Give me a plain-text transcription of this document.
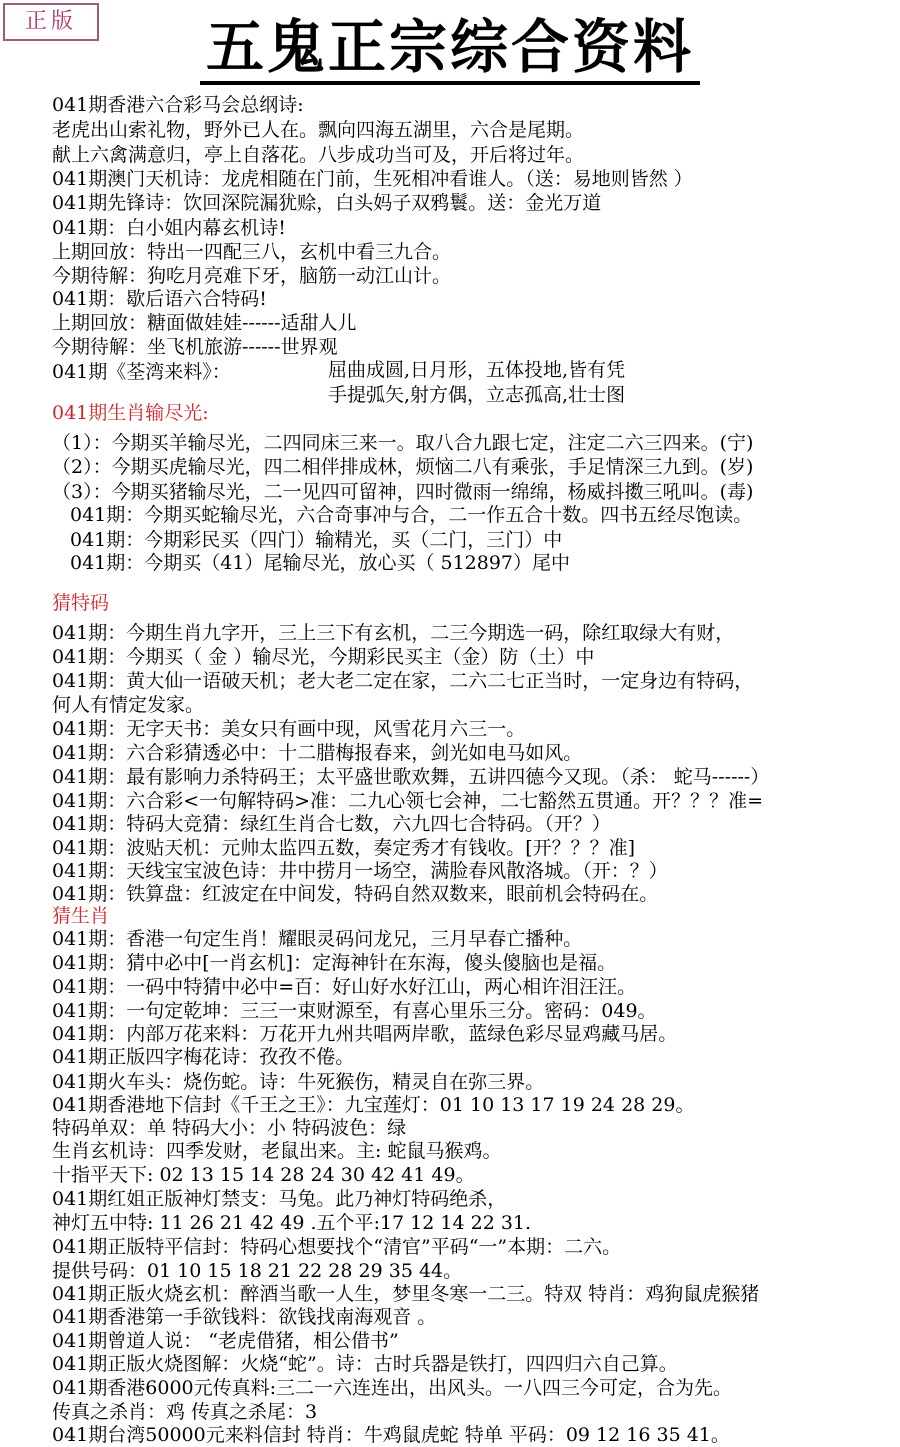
正版	五鬼正宗综合资料
041期香港六合彩马会总纲诗:
老虎出山索礼物，野外已人在。飘向四海五湖里，六合是尾期。
献上六禽满意归，亭上自落花。八步成功当可及，开后将过年。
041期澳门天机诗：龙虎相随在门前，生死相冲看谁人。（送：易地则皆然 ）
041期先锋诗：饮回深院漏犹赊，白头妈子双鸦鬟。送：金光万道
041期：白小姐内幕玄机诗!
上期回放：特出一四配三八，玄机中看三九合。
今期待解：狗吃月亮难下牙，脑筋一动江山计。
041期：歇后语六合特码!
上期回放：糖面做娃娃------适甜人儿
今期待解：坐飞机旅游------世界观
041期《荃湾来料》：	屈曲成圆,日月形，五体投地,皆有凭
手提弧矢,射方偶，立志孤高,壮士图
041期生肖输尽光:
（1）：今期买羊输尽光，二四同床三来一。取八合九跟七定，注定二六三四来。(宁)
（2）：今期买虎输尽光，四二相伴排成林，烦恼二八有乘张，手足情深三九到。(岁)
（3）：今期买猪输尽光，二一见四可留神，四时微雨一绵绵，杨威抖擞三吼叫。(毒)
041期：今期买蛇输尽光，六合奇事冲与合，二一作五合十数。四书五经尽饱读。
041期：今期彩民买（四门）输精光，买（二门，三门）中
041期：今期买（41）尾输尽光，放心买（ 512897）尾中
猜特码
041期：今期生肖九字开，三上三下有玄机，二三今期选一码，除红取绿大有财，
041期：今期买（ 金 ）输尽光，今期彩民买主（金）防（土）中
041期：黄大仙一语破天机；老大老二定在家，二六二七正当时，一定身边有特码，
何人有情定发家。
041期：无字天书：美女只有画中现，风雪花月六三一。
041期：六合彩猜透必中：十二腊梅报春来，剑光如电马如风。
041期：最有影响力杀特码王；太平盛世歌欢舞，五讲四德今又现。（杀： 蛇马------）
041期：六合彩<一句解特码>准：二九心领七会神，二七豁然五贯通。开？？？准=
041期：特码大竞猜：绿红生肖合七数，六九四七合特码。（开？）
041期：波贴天机：元帅太监四五数，奏定秀才有钱收。[开？？？准]
041期：天线宝宝波色诗：井中捞月一场空，满脸春风散洛城。（开：？）
041期：铁算盘：红波定在中间发，特码自然双数来，眼前机会特码在。
猜生肖
041期：香港一句定生肖！耀眼灵码问龙兄，三月早春亡播种。
041期：猜中必中[一肖玄机]：定海神针在东海，傻头傻脑也是福。
041期：一码中特猜中必中=百：好山好水好江山，两心相许泪汪汪。
041期：一句定乾坤：三三一束财源至，有喜心里乐三分。密码：049。
041期：内部万花来料：万花开九州共唱两岸歌，蓝绿色彩尽显鸡藏马居。
041期正版四字梅花诗：孜孜不倦。
041期火车头：烧伤蛇。诗：牛死猴伤，精灵自在弥三界。
041期香港地下信封《千王之王》：九宝莲灯：01 10 13 17 19 24 28 29。
特码单双：单 特码大小：小 特码波色：绿
生肖玄机诗：四季发财，老鼠出来。主: 蛇鼠马猴鸡。
十指平天下: 02 13 15 14 28 24 30 42 41 49。
041期红姐正版神灯禁支：马兔。此乃神灯特码绝杀，
神灯五中特: 11 26 21 42 49 .五个平:17 12 14 22 31.
041期正版特平信封：特码心想要找个“清官”平码“一”本期：二六。
提供号码：01 10 15 18 21 22 28 29 35 44。
041期正版火烧玄机：醉酒当歌一人生，梦里冬寒一二三。特双 特肖：鸡狗鼠虎猴猪
041期香港第一手欲钱料：欲钱找南海观音 。
041期曾道人说： “老虎借猪，相公借书”
041期正版火烧图解：火烧“蛇”。诗：古时兵器是铁打，四四归六自己算。
041期香港6000元传真料:三二一六连连出，出风头。一八四三今可定，合为先。
传真之杀肖：鸡 传真之杀尾：3
041期台湾50000元来料信封 特肖：牛鸡鼠虎蛇 特单 平码：09 12 16 35 41。
